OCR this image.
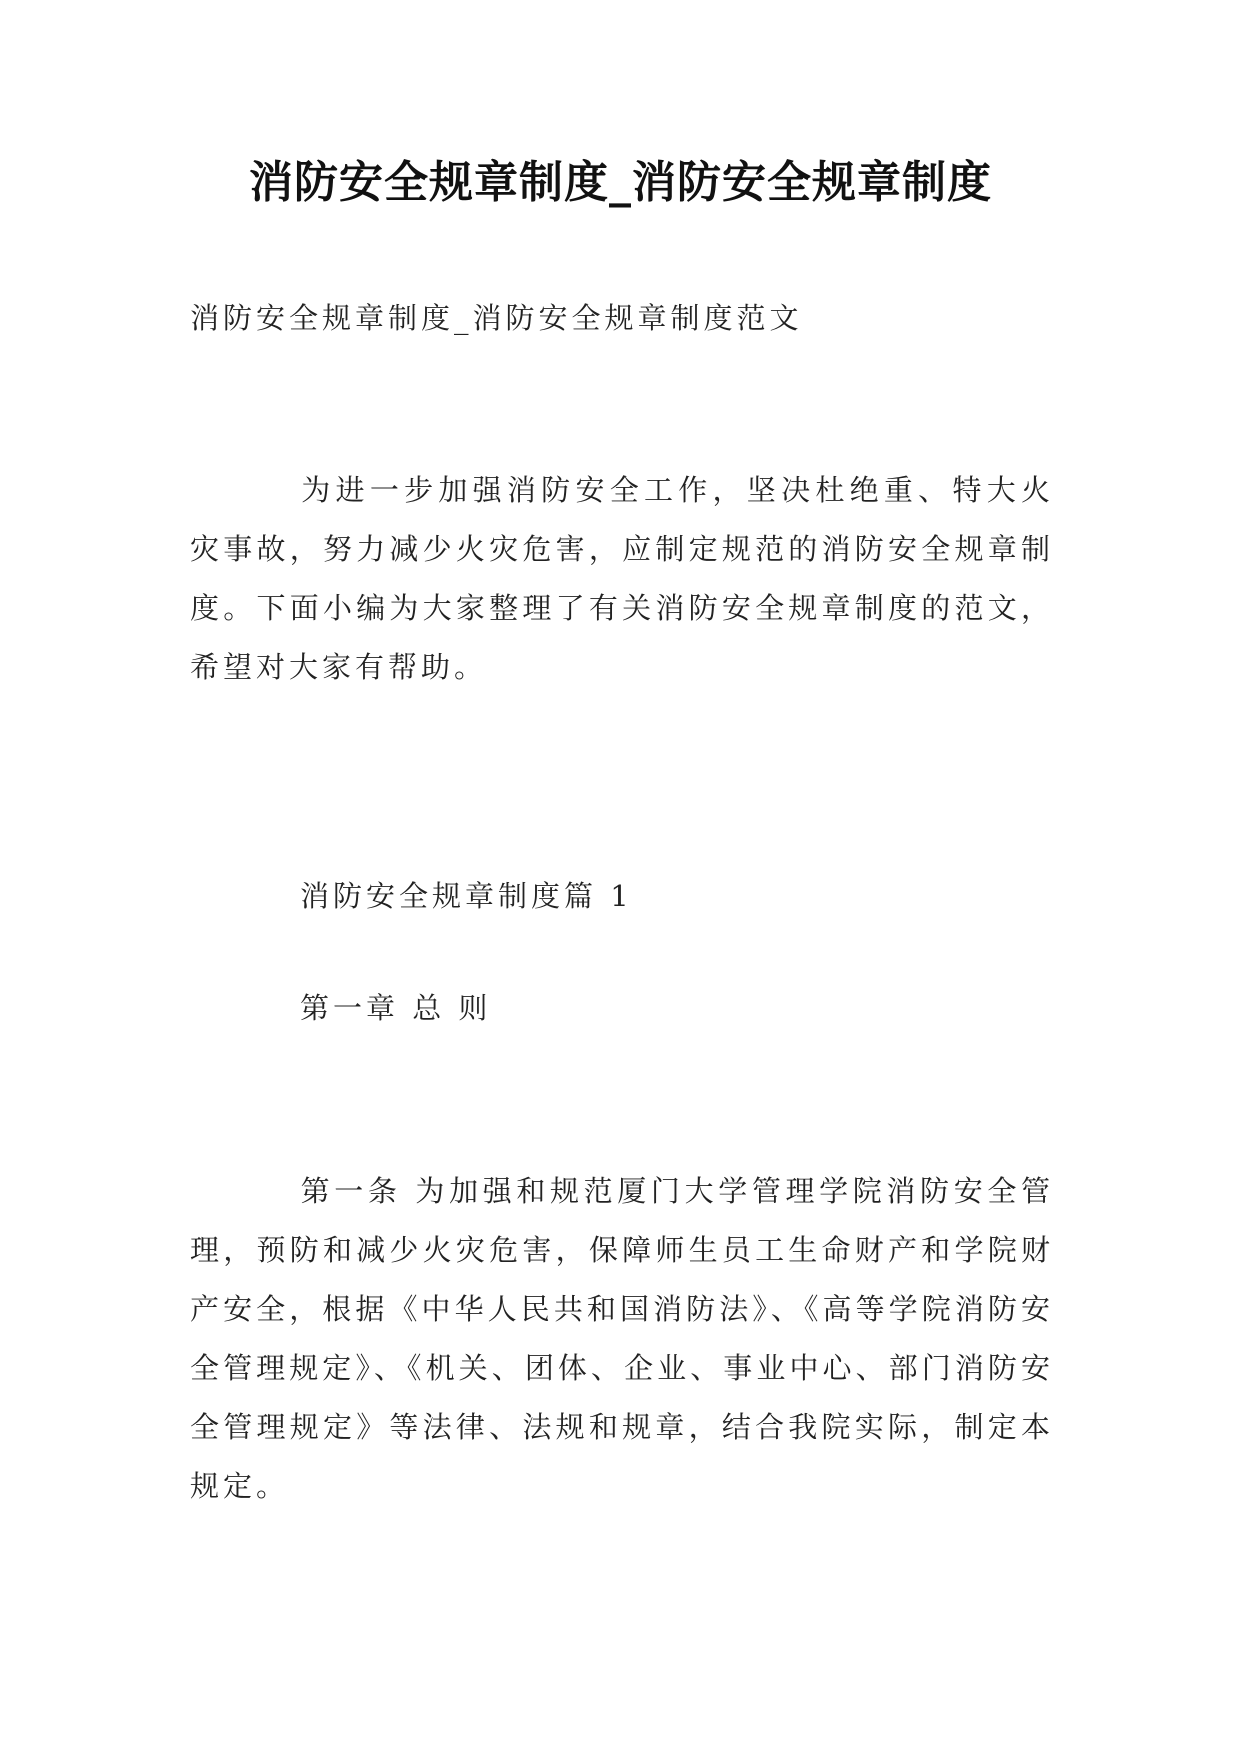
消防安全规章制度_消防安全规章制度

消防安全规章制度_消防安全规章制度范文

为进一步加强消防安全工作，坚决杜绝重、特大火灾事故，努力减少火灾危害，应制定规范的消防安全规章制度。下面小编为大家整理了有关消防安全规章制度的范文，希望对大家有帮助。

消防安全规章制度篇 1

第一章 总 则

第一条 为加强和规范厦门大学管理学院消防安全管理，预防和减少火灾危害，保障师生员工生命财产和学院财产安全，根据《中华人民共和国消防法》、《高等学院消防安全管理规定》、《机关、团体、企业、事业中心、部门消防安全管理规定》等法律、法规和规章，结合我院实际，制定本规定。
